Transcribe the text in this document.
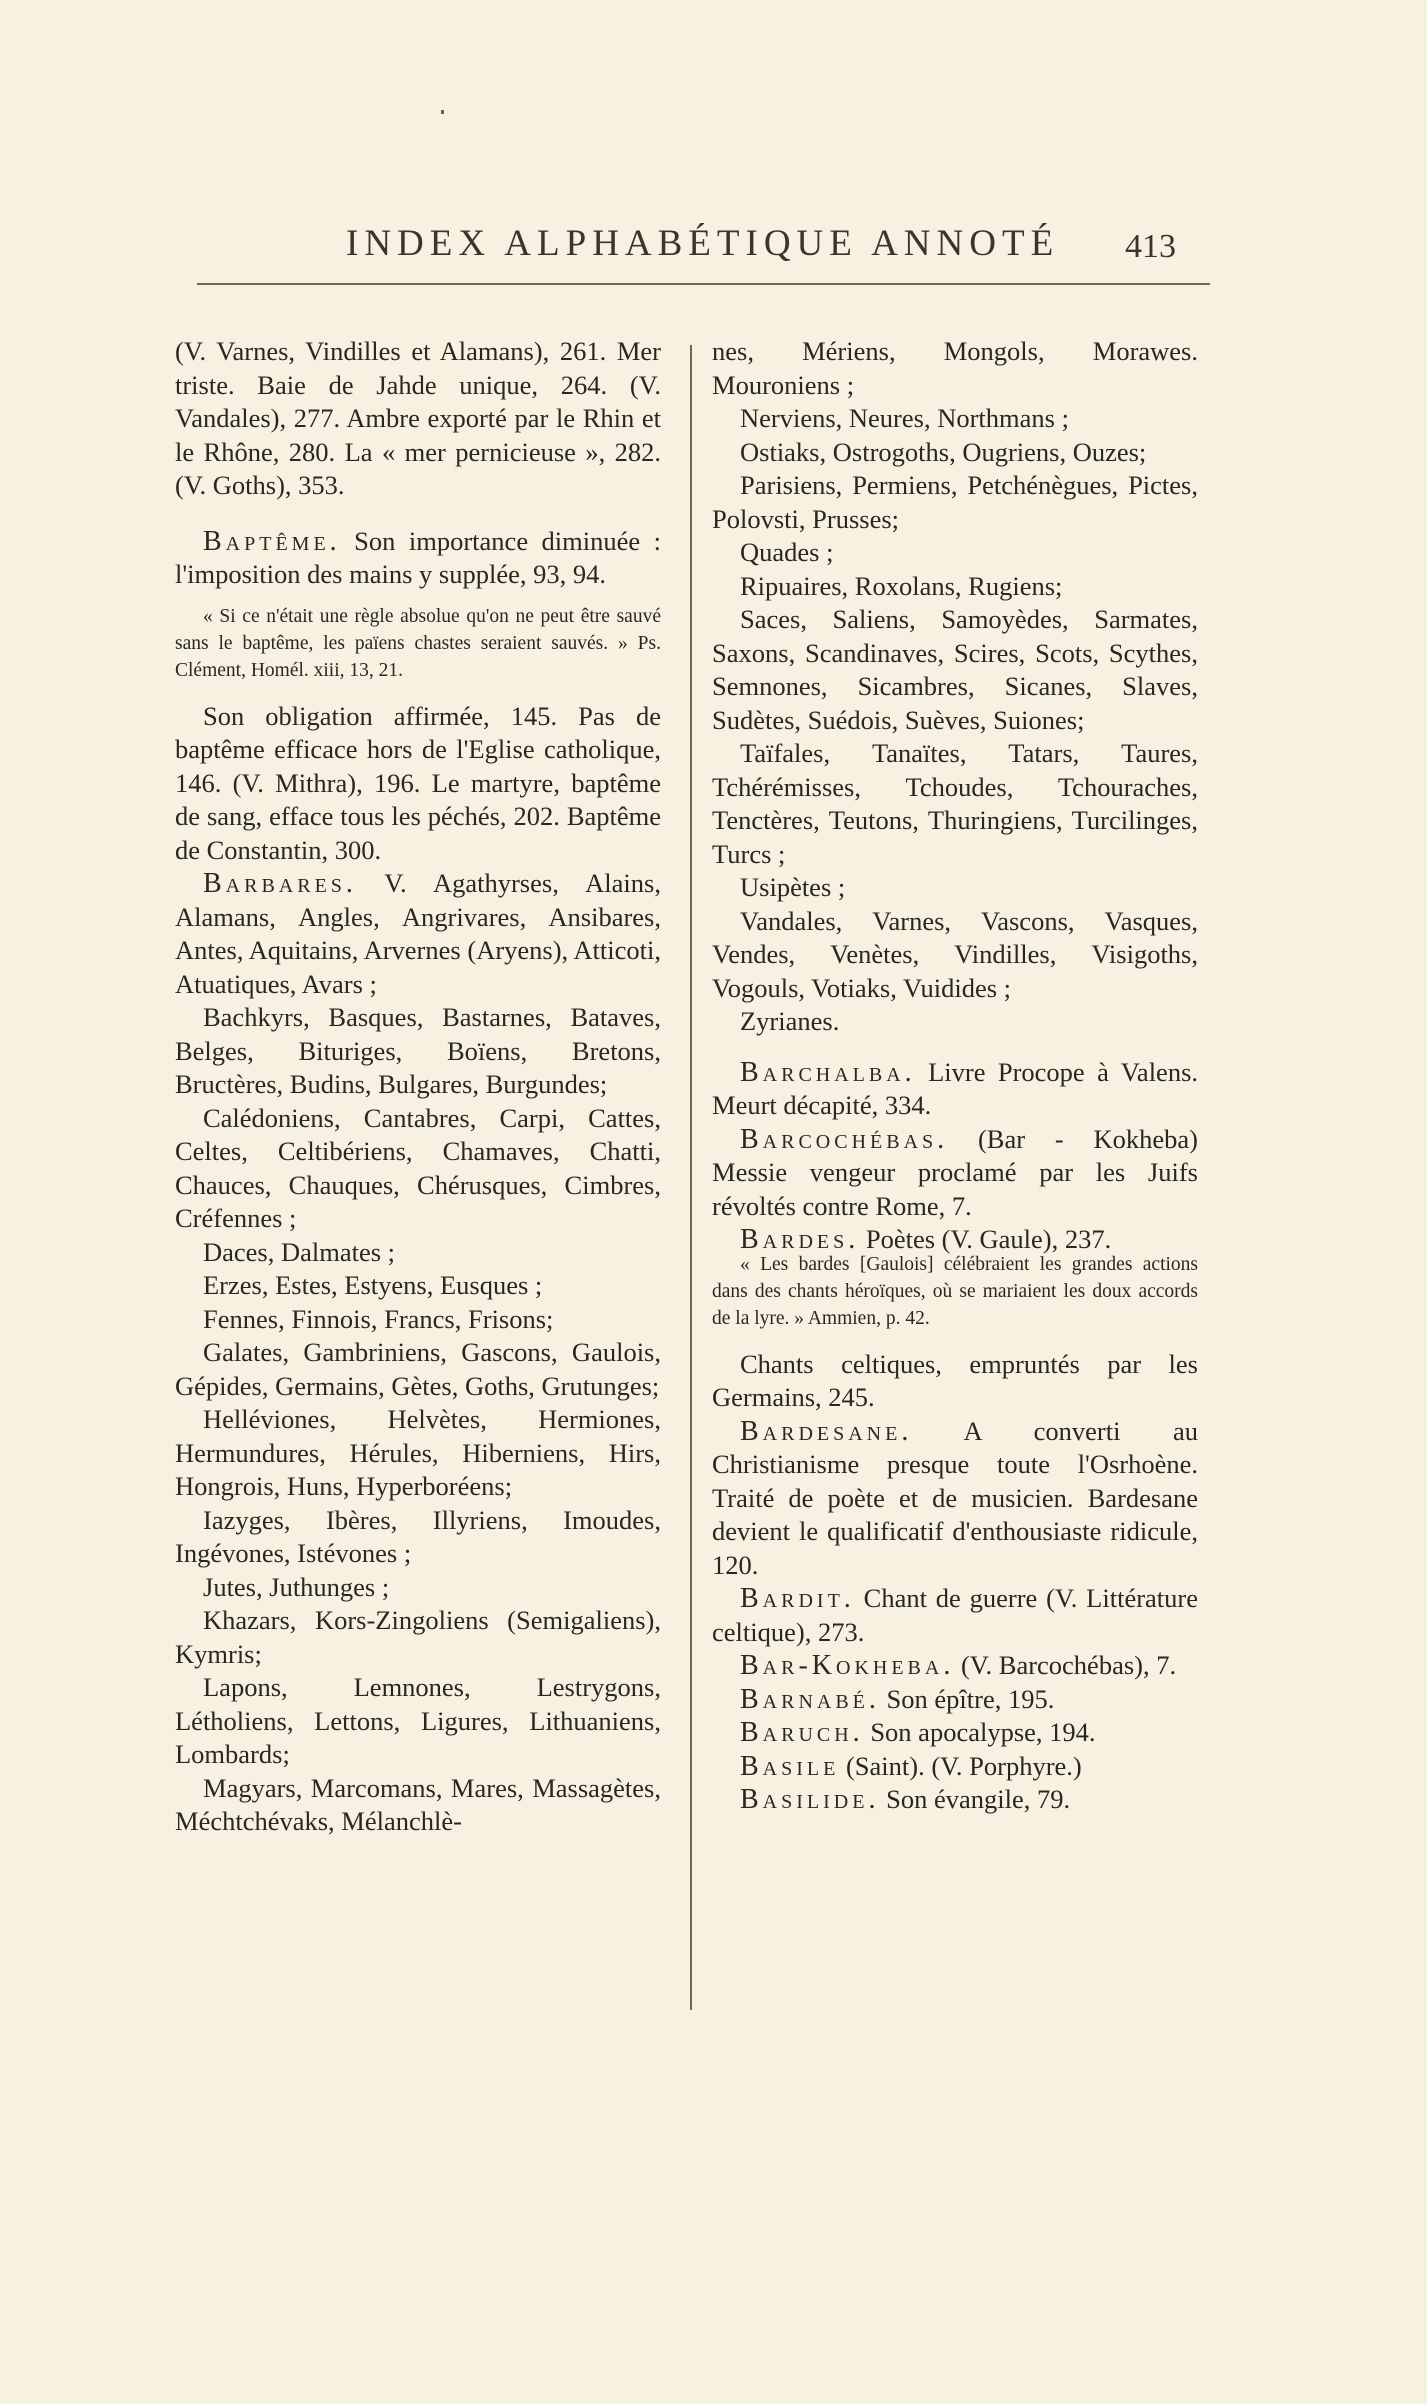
INDEX ALPHABÉTIQUE ANNOTÉ 413

(V. Varnes, Vindilles et Alamans), 261. Mer triste. Baie de Jahde unique, 264. (V. Vandales), 277. Ambre exporté par le Rhin et le Rhône, 280. La « mer pernicieuse », 282. (V. Goths), 353.

Baptême. Son importance diminuée : l'imposition des mains y supplée, 93, 94.

« Si ce n'était une règle absolue qu'on ne peut être sauvé sans le baptême, les païens chastes seraient sauvés. » Ps. Clément, Homél. xiii, 13, 21.

Son obligation affirmée, 145. Pas de baptême efficace hors de l'Eglise catholique, 146. (V. Mithra), 196. Le martyre, baptême de sang, efface tous les péchés, 202. Baptême de Constantin, 300.

Barbares. V. Agathyrses, Alains, Alamans, Angles, Angrivares, Ansibares, Antes, Aquitains, Arvernes (Aryens), Atticoti, Atuatiques, Avars ;

Bachkyrs, Basques, Bastarnes, Bataves, Belges, Bituriges, Boïens, Bretons, Bructères, Budins, Bulgares, Burgundes;

Calédoniens, Cantabres, Carpi, Cattes, Celtes, Celtibériens, Chamaves, Chatti, Chauces, Chauques, Chérusques, Cimbres, Créfennes ;

Daces, Dalmates ;

Erzes, Estes, Estyens, Eusques ;

Fennes, Finnois, Francs, Frisons;

Galates, Gambriniens, Gascons, Gaulois, Gépides, Germains, Gètes, Goths, Grutunges;

Helléviones, Helvètes, Hermiones, Hermundures, Hérules, Hiberniens, Hirs, Hongrois, Huns, Hyperboréens;

Iazyges, Ibères, Illyriens, Imoudes, Ingévones, Istévones ;

Jutes, Juthunges ;

Khazars, Kors-Zingoliens (Semigaliens), Kymris;

Lapons, Lemnones, Lestrygons, Létholiens, Lettons, Ligures, Lithuaniens, Lombards;

Magyars, Marcomans, Mares, Massagètes, Méchtchévaks, Mélanchlè-

nes, Mériens, Mongols, Morawes. Mouroniens ;

Nerviens, Neures, Northmans ;

Ostiaks, Ostrogoths, Ougriens, Ouzes;

Parisiens, Permiens, Petchénègues, Pictes, Polovsti, Prusses;

Quades ;

Ripuaires, Roxolans, Rugiens;

Saces, Saliens, Samoyèdes, Sarmates, Saxons, Scandinaves, Scires, Scots, Scythes, Semnones, Sicambres, Sicanes, Slaves, Sudètes, Suédois, Suèves, Suiones;

Taïfales, Tanaïtes, Tatars, Taures, Tchérémisses, Tchoudes, Tchouraches, Tenctères, Teutons, Thuringiens, Turcilinges, Turcs ;

Usipètes ;

Vandales, Varnes, Vascons, Vasques, Vendes, Venètes, Vindilles, Visigoths, Vogouls, Votiaks, Vuidides ;

Zyrianes.

Barchalba. Livre Procope à Valens. Meurt décapité, 334.

Barcochébas. (Bar - Kokheba) Messie vengeur proclamé par les Juifs révoltés contre Rome, 7.

Bardes. Poètes (V. Gaule), 237.

« Les bardes [Gaulois] célébraient les grandes actions dans des chants héroïques, où se mariaient les doux accords de la lyre. » Ammien, p. 42.

Chants celtiques, empruntés par les Germains, 245.

Bardesane. A converti au Christianisme presque toute l'Osrhoène. Traité de poète et de musicien. Bardesane devient le qualificatif d'enthousiaste ridicule, 120.

Bardit. Chant de guerre (V. Littérature celtique), 273.

Bar-Kokheba. (V. Barcochébas), 7.

Barnabé. Son épître, 195.

Baruch. Son apocalypse, 194.

Basile (Saint). (V. Porphyre.)

Basilide. Son évangile, 79.
